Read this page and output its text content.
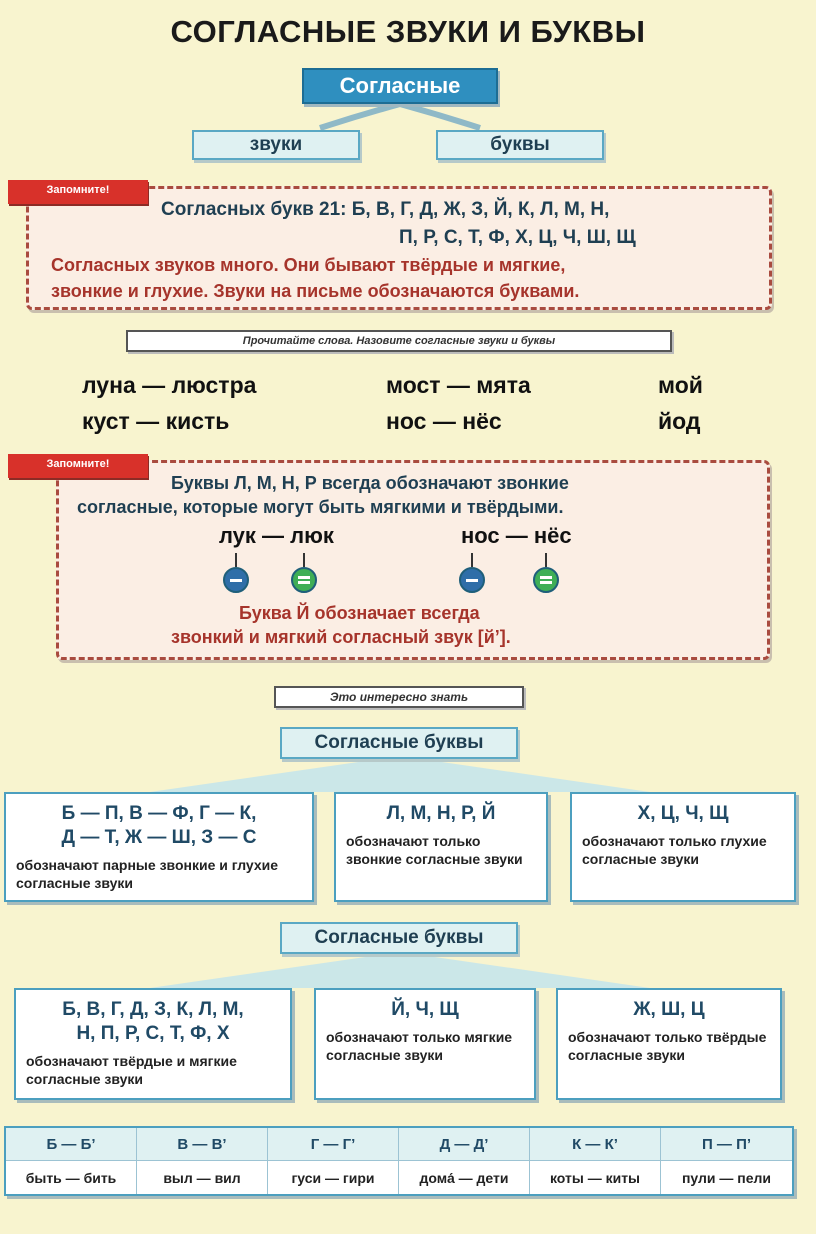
СОГЛАСНЫЕ ЗВУКИ И БУКВЫ
Согласные
звуки	буквы
Согласных букв 21: Б, В, Г, Д, Ж, З, Й, К, Л, М, Н,
П, Р, С, Т, Ф, Х, Ц, Ч, Ш, Щ
Согласных звуков много. Они бывают твёрдые и мягкие,
звонкие и глухие. Звуки на письме обозначаются буквами.
Запомните!
Прочитайте слова. Назовите согласные звуки и буквы
луна — люстра	мост — мята	мой
куст — кисть	нос — нёс	йод
Буквы Л, М, Н, Р всегда обозначают звонкие
согласные, которые могут быть мягкими и твёрдыми.
лук — люк	нос — нёс
Буква Й обозначает всегда
звонкий и мягкий согласный звук [й’].
Запомните!
Это интересно знать
Согласные буквы
Б — П, В — Ф, Г — К,
Д — Т, Ж — Ш, З — С
обозначают парные звонкие и глухие согласные звуки
Л, М, Н, Р, Й
обозначают только звонкие согласные звуки
Х, Ц, Ч, Щ
обозначают только глухие согласные звуки
Согласные буквы
Б, В, Г, Д, З, К, Л, М,
Н, П, Р, С, Т, Ф, Х
обозначают твёрдые и мягкие согласные звуки
Й, Ч, Щ
обозначают только мягкие согласные звуки
Ж, Ш, Ц
обозначают только твёрдые согласные звуки
Б — Б’	В — В’	Г — Г’	Д — Д’	К — К’	П — П’
быть — бить	выл — вил	гуси — гири	дома́ — дети	коты — киты	пули — пели
